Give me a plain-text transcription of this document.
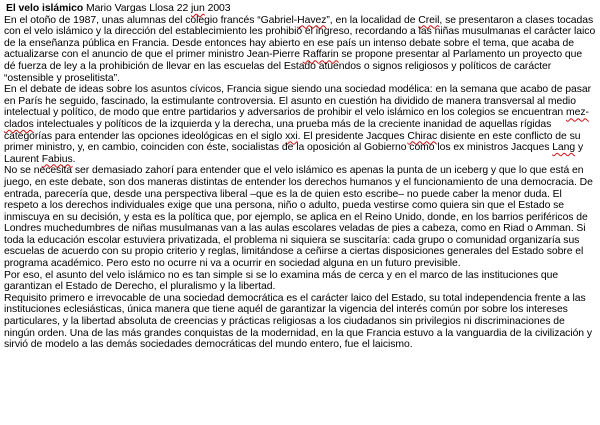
El velo islámico Mario Vargas Llosa 22 jun 2003

En el otoño de 1987, unas alumnas del colegio francés “Gabriel-Havez”, en la localidad de Creil, se presentaron a clases tocadas con el velo islámico y la dirección del establecimiento les prohibió el ingreso, recordando a las niñas musulmanas el carácter laico de la enseñanza pública en Francia. Desde entonces hay abierto en ese país un intenso debate sobre el tema, que acaba de actualizarse con el anuncio de que el primer ministro Jean-Pierre Raffarin se propone presentar al Parlamento un proyecto que dé fuerza de ley a la prohibición de llevar en las escuelas del Estado atuendos o signos religiosos y políticos de carácter “ostensible y proselitista”.

En el debate de ideas sobre los asuntos cívicos, Francia sigue siendo una sociedad modélica: en la semana que acabo de pasar en París he seguido, fascinado, la estimulante controversia. El asunto en cuestión ha dividido de manera transversal al medio intelectual y político, de modo que entre partidarios y adversarios de prohibir el velo islámico en los colegios se encuentran mez-clados intelectuales y políticos de la izquierda y la derecha, una prueba más de la creciente inanidad de aquellas rígidas categorías para entender las opciones ideológicas en el siglo xxi. El presidente Jacques Chirac disiente en este conflicto de su primer ministro, y, en cambio, coinciden con éste, socialistas de la oposición al Gobierno como los ex ministros Jacques Lang y Laurent Fabius.

No se necesita ser demasiado zahorí para entender que el velo islámico es apenas la punta de un iceberg y que lo que está en juego, en este debate, son dos maneras distintas de entender los derechos humanos y el funcionamiento de una democracia. De entrada, parecería que, desde una perspectiva liberal –que es la de quien esto escribe– no puede caber la menor duda. El respeto a los derechos individuales exige que una persona, niño o adulto, pueda vestirse como quiera sin que el Estado se inmiscuya en su decisión, y esta es la política que, por ejemplo, se aplica en el Reino Unido, donde, en los barrios periféricos de Londres muchedumbres de niñas musulmanas van a las aulas escolares veladas de pies a cabeza, como en Riad o Amman. Si toda la educación escolar estuviera privatizada, el problema ni siquiera se suscitaría: cada grupo o comunidad organizaría sus escuelas de acuerdo con su propio criterio y reglas, limitándose a ceñirse a ciertas disposiciones generales del Estado sobre el programa académico. Pero esto no ocurre ni va a ocurrir en sociedad alguna en un futuro previsible.

Por eso, el asunto del velo islámico no es tan simple si se lo examina más de cerca y en el marco de las instituciones que garantizan el Estado de Derecho, el pluralismo y la libertad.

Requisito primero e irrevocable de una sociedad democrática es el carácter laico del Estado, su total independencia frente a las instituciones eclesiásticas, única manera que tiene aquél de garantizar la vigencia del interés común por sobre los intereses particulares, y la libertad absoluta de creencias y prácticas religiosas a los ciudadanos sin privilegios ni discriminaciones de ningún orden. Una de las más grandes conquistas de la modernidad, en la que Francia estuvo a la vanguardia de la civilización y sirvió de modelo a las demás sociedades democráticas del mundo entero, fue el laicismo.
